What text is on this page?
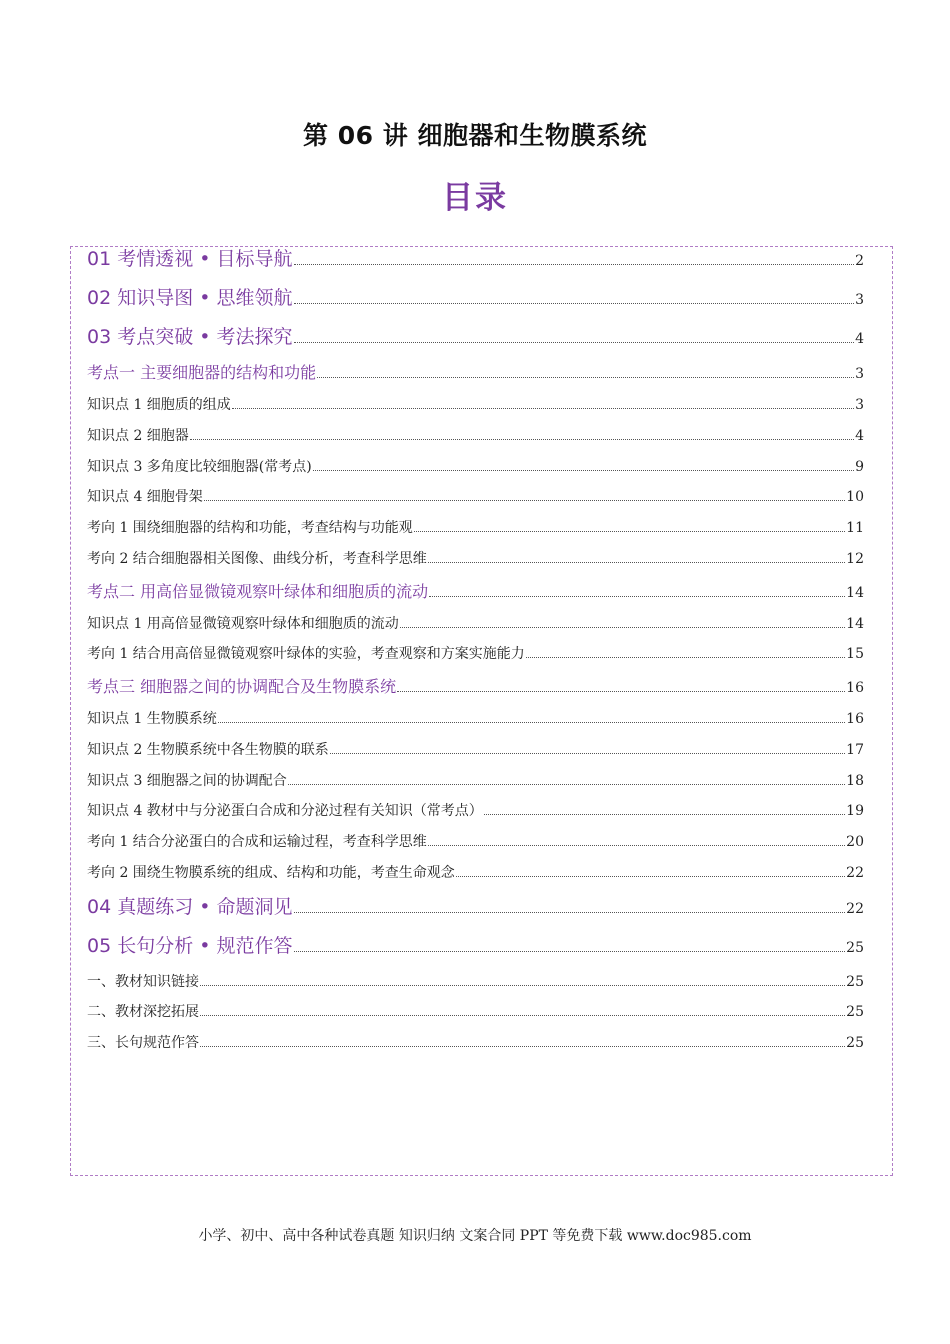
第 06 讲 细胞器和生物膜系统
目录
01 考情透视 • 目标导航	2
02 知识导图 • 思维领航	3
03 考点突破 • 考法探究	4
考点一 主要细胞器的结构和功能	3
知识点 1 细胞质的组成	3
知识点 2 细胞器	4
知识点 3 多角度比较细胞器(常考点)	9
知识点 4 细胞骨架	10
考向 1 围绕细胞器的结构和功能，考查结构与功能观	11
考向 2 结合细胞器相关图像、曲线分析，考查科学思维	12
考点二 用高倍显微镜观察叶绿体和细胞质的流动	14
知识点 1 用高倍显微镜观察叶绿体和细胞质的流动	14
考向 1 结合用高倍显微镜观察叶绿体的实验，考查观察和方案实施能力	15
考点三 细胞器之间的协调配合及生物膜系统	16
知识点 1 生物膜系统	16
知识点 2 生物膜系统中各生物膜的联系	17
知识点 3 细胞器之间的协调配合	18
知识点 4 教材中与分泌蛋白合成和分泌过程有关知识（常考点）	19
考向 1 结合分泌蛋白的合成和运输过程，考查科学思维	20
考向 2 围绕生物膜系统的组成、结构和功能，考查生命观念	22
04 真题练习 • 命题洞见	22
05 长句分析 • 规范作答	25
一、教材知识链接	25
二、教材深挖拓展	25
三、长句规范作答	25
小学、初中、高中各种试卷真题 知识归纳 文案合同 PPT 等免费下载 www.doc985.com
